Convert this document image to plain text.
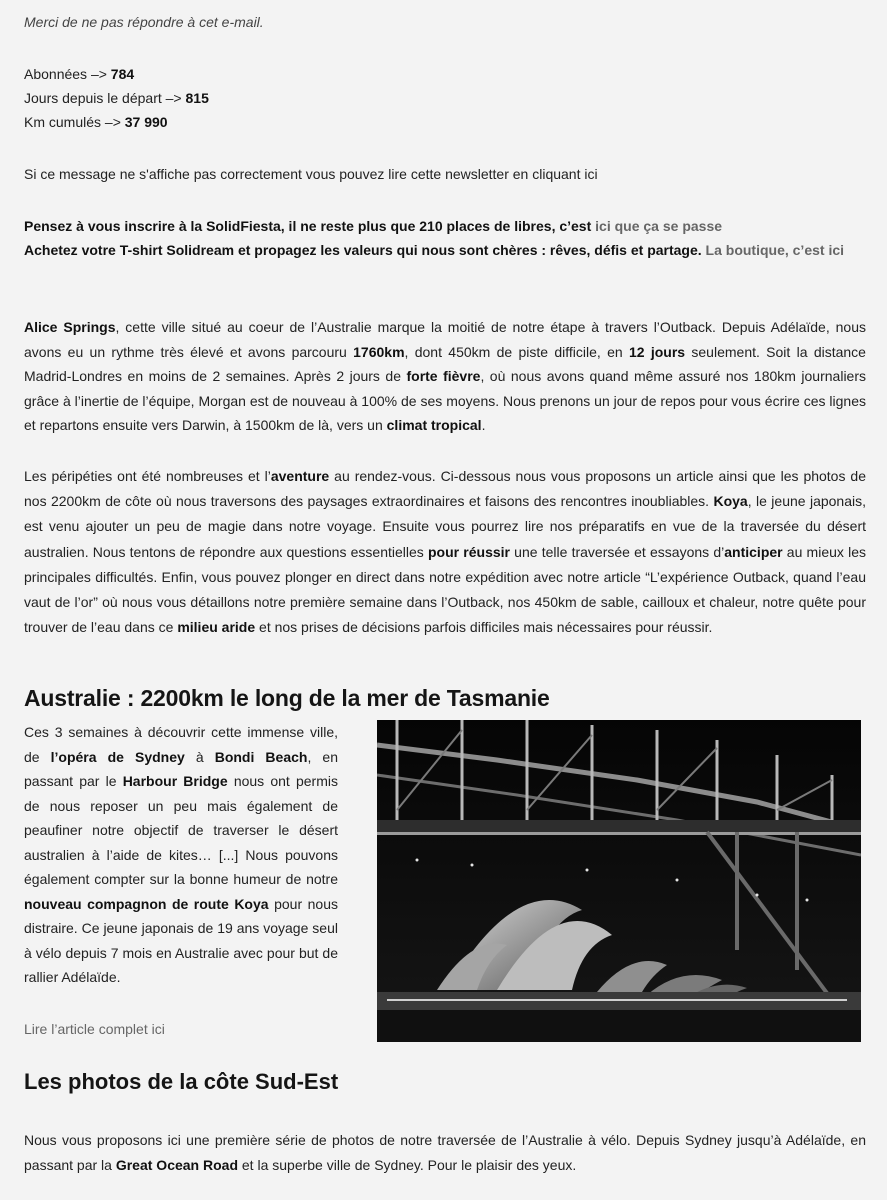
Merci de ne pas répondre à cet e-mail.
Abonnées –> 784
Jours depuis le départ –> 815
Km cumulés –> 37 990
Si ce message ne s'affiche pas correctement vous pouvez lire cette newsletter en cliquant ici
Pensez à vous inscrire à la SolidFiesta, il ne reste plus que 210 places de libres, c’est ici que ça se passe
Achetez votre T-shirt Solidream et propagez les valeurs qui nous sont chères : rêves, défis et partage. La boutique, c’est ici
Alice Springs, cette ville situé au coeur de l’Australie marque la moitié de notre étape à travers l’Outback. Depuis Adélaïde, nous avons eu un rythme très élevé et avons parcouru 1760km, dont 450km de piste difficile, en 12 jours seulement. Soit la distance Madrid-Londres en moins de 2 semaines. Après 2 jours de forte fièvre, où nous avons quand même assuré nos 180km journaliers grâce à l’inertie de l’équipe, Morgan est de nouveau à 100% de ses moyens. Nous prenons un jour de repos pour vous écrire ces lignes et repartons ensuite vers Darwin, à 1500km de là, vers un climat tropical.
Les péripéties ont été nombreuses et l’aventure au rendez-vous. Ci-dessous nous vous proposons un article ainsi que les photos de nos 2200km de côte où nous traversons des paysages extraordinaires et faisons des rencontres inoubliables. Koya, le jeune japonais, est venu ajouter un peu de magie dans notre voyage. Ensuite vous pourrez lire nos préparatifs en vue de la traversée du désert australien. Nous tentons de répondre aux questions essentielles pour réussir une telle traversée et essayons d’anticiper au mieux les principales difficultés. Enfin, vous pouvez plonger en direct dans notre expédition avec notre article “L’expérience Outback, quand l’eau vaut de l’or” où nous vous détaillons notre première semaine dans l’Outback, nos 450km de sable, cailloux et chaleur, notre quête pour trouver de l’eau dans ce milieu aride et nos prises de décisions parfois difficiles mais nécessaires pour réussir.
Australie : 2200km le long de la mer de Tasmanie
Ces 3 semaines à découvrir cette immense ville, de l’opéra de Sydney à Bondi Beach, en passant par le Harbour Bridge nous ont permis de nous reposer un peu mais également de peaufiner notre objectif de traverser le désert australien à l’aide de kites… [...] Nous pouvons également compter sur la bonne humeur de notre nouveau compagnon de route Koya pour nous distraire. Ce jeune japonais de 19 ans voyage seul à vélo depuis 7 mois en Australie avec pour but de rallier Adélaïde.
Lire l’article complet ici
Les photos de la côte Sud-Est
Nous vous proposons ici une première série de photos de notre traversée de l’Australie à vélo. Depuis Sydney jusqu’à Adélaïde, en passant par la Great Ocean Road et la superbe ville de Sydney. Pour le plaisir des yeux.
